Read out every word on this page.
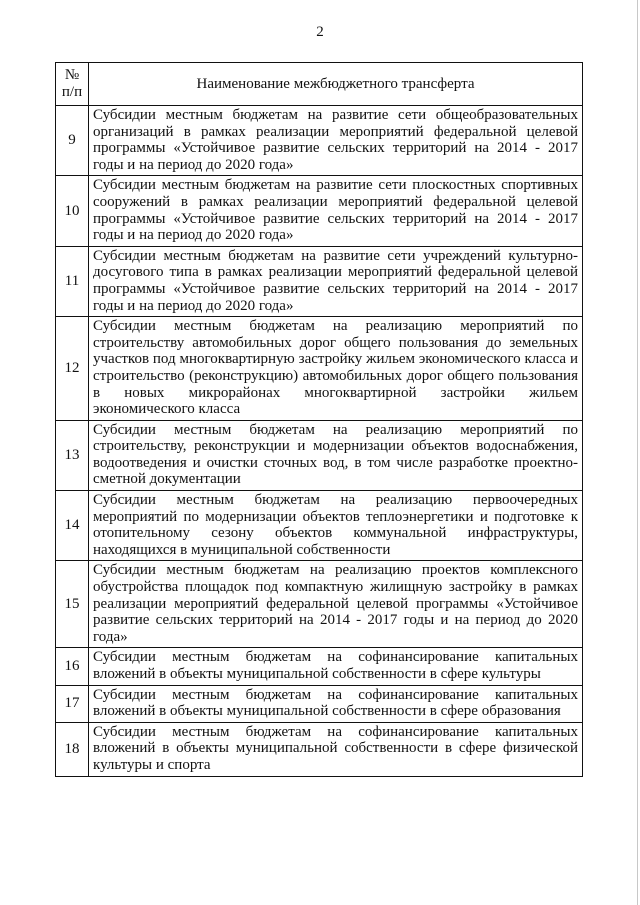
2
№
п/п	Наименование межбюджетного трансферта
9	Субсидии местным бюджетам на развитие сети общеобразовательных организаций в рамках реализации мероприятий федеральной целевой программы «Устойчивое развитие сельских территорий на 2014 - 2017 годы и на период до 2020 года»
10	Субсидии местным бюджетам на развитие сети плоскостных спортивных сооружений в рамках реализации мероприятий федеральной целевой программы «Устойчивое развитие сельских территорий на 2014 - 2017 годы и на период до 2020 года»
11	Субсидии местным бюджетам на развитие сети учреждений культурно-досугового типа в рамках реализации мероприятий федеральной целевой программы «Устойчивое развитие сельских территорий на 2014 - 2017 годы и на период до 2020 года»
12	Субсидии местным бюджетам на реализацию мероприятий по строительству автомобильных дорог общего пользования до земельных участков под многоквартирную застройку жильем экономического класса и строительство (реконструкцию) автомобильных дорог общего пользования в новых микрорайонах многоквартирной застройки жильем экономического класса
13	Субсидии местным бюджетам на реализацию мероприятий по строительству, реконструкции и модернизации объектов водоснабжения, водоотведения и очистки сточных вод, в том числе разработке проектно-сметной документации
14	Субсидии местным бюджетам на реализацию первоочередных мероприятий по модернизации объектов теплоэнергетики и подготовке к отопительному сезону объектов коммунальной инфраструктуры, находящихся в муниципальной собственности
15	Субсидии местным бюджетам на реализацию проектов комплексного обустройства площадок под компактную жилищную застройку в рамках реализации мероприятий федеральной целевой программы «Устойчивое развитие сельских территорий на 2014 - 2017 годы и на период до 2020 года»
16	Субсидии местным бюджетам на софинансирование капитальных вложений в объекты муниципальной собственности в сфере культуры
17	Субсидии местным бюджетам на софинансирование капитальных вложений в объекты муниципальной собственности в сфере образования
18	Субсидии местным бюджетам на софинансирование капитальных вложений в объекты муниципальной собственности в сфере физической культуры и спорта
